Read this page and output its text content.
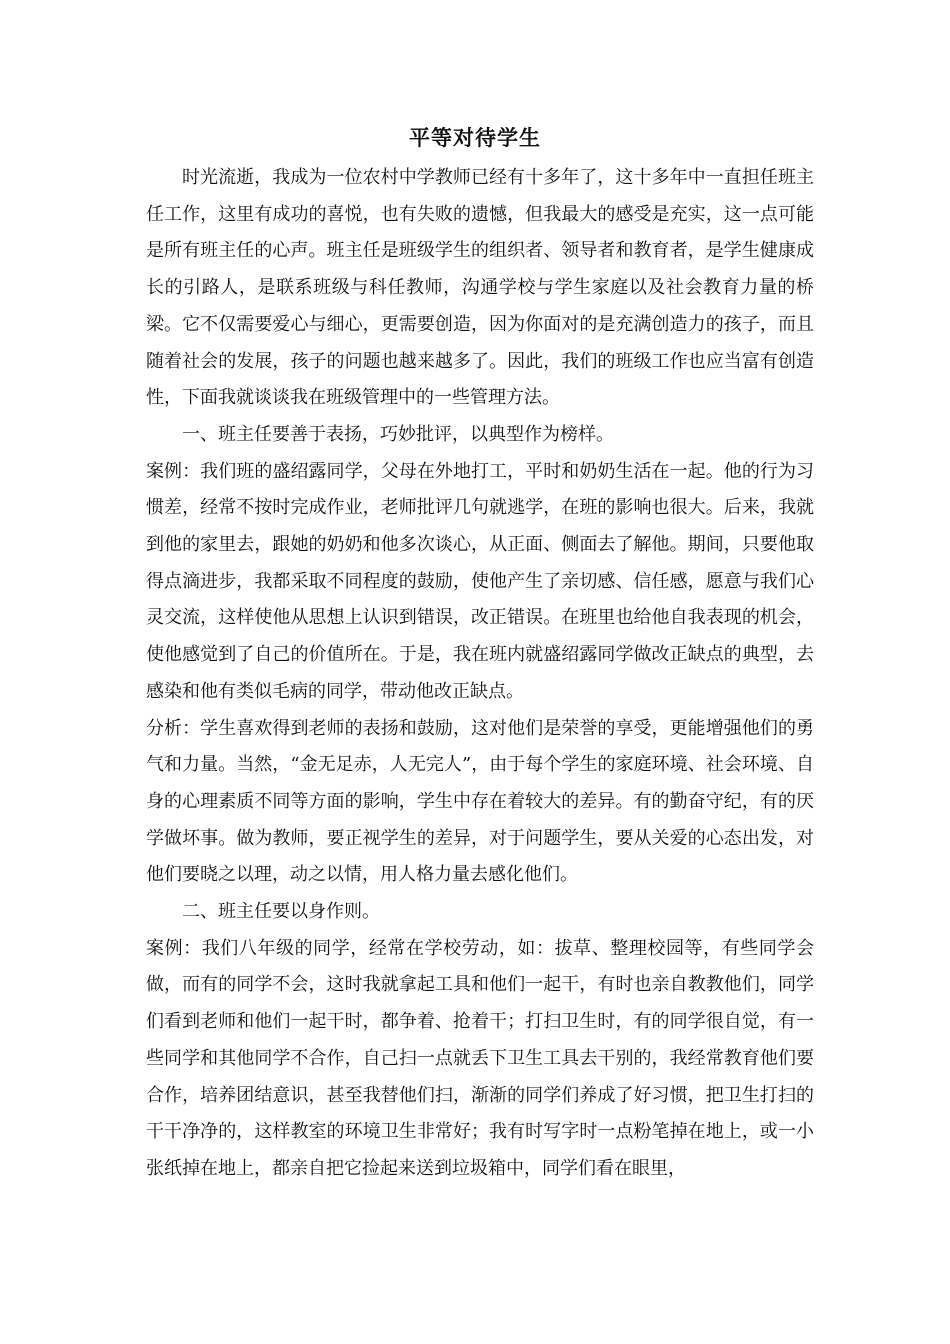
平等对待学生

时光流逝，我成为一位农村中学教师已经有十多年了，这十多年中一直担任班主任工作，这里有成功的喜悦，也有失败的遗憾，但我最大的感受是充实，这一点可能是所有班主任的心声。班主任是班级学生的组织者、领导者和教育者，是学生健康成长的引路人，是联系班级与科任教师，沟通学校与学生家庭以及社会教育力量的桥梁。它不仅需要爱心与细心，更需要创造，因为你面对的是充满创造力的孩子，而且随着社会的发展，孩子的问题也越来越多了。因此，我们的班级工作也应当富有创造性，下面我就谈谈我在班级管理中的一些管理方法。

一、班主任要善于表扬，巧妙批评，以典型作为榜样。

案例：我们班的盛绍露同学，父母在外地打工，平时和奶奶生活在一起。他的行为习惯差，经常不按时完成作业，老师批评几句就逃学，在班的影响也很大。后来，我就到他的家里去，跟她的奶奶和他多次谈心，从正面、侧面去了解他。期间，只要他取得点滴进步，我都采取不同程度的鼓励，使他产生了亲切感、信任感，愿意与我们心灵交流，这样使他从思想上认识到错误，改正错误。在班里也给他自我表现的机会，使他感觉到了自己的价值所在。于是，我在班内就盛绍露同学做改正缺点的典型，去感染和他有类似毛病的同学，带动他改正缺点。

分析：学生喜欢得到老师的表扬和鼓励，这对他们是荣誉的享受，更能增强他们的勇气和力量。当然，“金无足赤，人无完人”，由于每个学生的家庭环境、社会环境、自身的心理素质不同等方面的影响，学生中存在着较大的差异。有的勤奋守纪，有的厌学做坏事。做为教师，要正视学生的差异，对于问题学生，要从关爱的心态出发，对他们要晓之以理，动之以情，用人格力量去感化他们。

二、班主任要以身作则。

案例：我们八年级的同学，经常在学校劳动，如：拔草、整理校园等，有些同学会做，而有的同学不会，这时我就拿起工具和他们一起干，有时也亲自教教他们，同学们看到老师和他们一起干时，都争着、抢着干；打扫卫生时，有的同学很自觉，有一些同学和其他同学不合作，自己扫一点就丢下卫生工具去干别的，我经常教育他们要合作，培养团结意识，甚至我替他们扫，渐渐的同学们养成了好习惯，把卫生打扫的干干净净的，这样教室的环境卫生非常好；我有时写字时一点粉笔掉在地上，或一小张纸掉在地上，都亲自把它捡起来送到垃圾箱中，同学们看在眼里，
